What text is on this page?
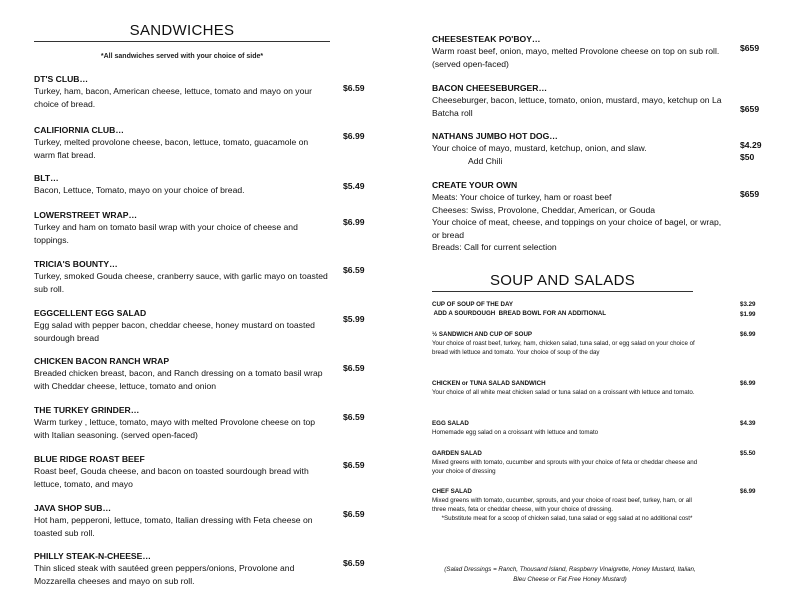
SANDWICHES
*All sandwiches served with your choice of side*
DT'S CLUB…
Turkey, ham, bacon, American cheese, lettuce, tomato and mayo on your choice of bread.
$6.59
CALIFIORNIA CLUB…
Turkey, melted provolone cheese, bacon, lettuce, tomato, guacamole on warm flat bread.
$6.99
BLT…
Bacon, Lettuce, Tomato, mayo on your choice of bread.	$5.49
LOWERSTREET WRAP…
Turkey and ham on tomato basil wrap with your choice of cheese and toppings.
$6.99
TRICIA'S BOUNTY…
Turkey, smoked Gouda cheese, cranberry sauce, with garlic mayo on toasted sub roll.
$6.59
EGGCELLENT EGG SALAD
Egg salad with pepper bacon, cheddar cheese, honey mustard on toasted sourdough bread
$5.99
CHICKEN BACON RANCH WRAP
Breaded chicken breast, bacon, and Ranch dressing on a tomato basil wrap with Cheddar cheese, lettuce, tomato and onion
$6.59
THE TURKEY GRINDER…
Warm turkey , lettuce, tomato, mayo with melted Provolone cheese on top with Italian seasoning. (served open-faced)
$6.59
BLUE RIDGE ROAST BEEF
Roast beef, Gouda cheese, and bacon on toasted sourdough bread with lettuce, tomato, and mayo
$6.59
JAVA SHOP SUB…
Hot ham, pepperoni, lettuce, tomato, Italian dressing with Feta cheese on toasted sub roll.
$6.59
PHILLY STEAK-N-CHEESE…
Thin sliced steak with sautéed green peppers/onions, Provolone and Mozzarella cheeses and mayo on sub roll.
$6.59
CHEESESTEAK PO'BOY…
Warm roast beef, onion, mayo, melted Provolone cheese on top on sub roll. (served open-faced)
$659
BACON CHEESEBURGER…
Cheeseburger, bacon, lettuce, tomato, onion, mustard, mayo, ketchup on La Batcha roll	$659
NATHANS JUMBO HOT DOG…
Your choice of mayo, mustard, ketchup, onion, and slaw.
Add Chili
$4.29
$50
CREATE YOUR OWN
Meats: Your choice of turkey, ham or roast beef
Cheeses: Swiss, Provolone, Cheddar, American, or Gouda
Your choice of meat, cheese, and toppings on your choice of bagel, or wrap, or bread
Breads: Call for current selection
$659
SOUP AND SALADS
CUP OF SOUP OF THE DAY
ADD A SOURDOUGH  BREAD BOWL FOR AN ADDITIONAL
$3.29
$1.99
½ SANDWICH AND CUP OF SOUP
Your choice of roast beef, turkey, ham, chicken salad, tuna salad, or egg salad on your choice of bread with lettuce and tomato. Your choice of soup of the day
$6.99
CHICKEN or TUNA SALAD SANDWICH
Your choice of all white meat chicken salad or tuna salad on a croissant with lettuce and tomato.
$6.99
EGG SALAD
Homemade egg salad on a croissant with lettuce and tomato
$4.39
GARDEN SALAD
Mixed greens with tomato, cucumber and sprouts with your choice of feta or cheddar cheese and your choice of dressing
$5.50
CHEF SALAD
Mixed greens with tomato, cucumber, sprouts, and your choice of roast beef, turkey, ham, or all three meats, feta or cheddar cheese, with your choice of dressing.
*Substitute meat for a scoop of chicken salad, tuna salad or egg salad at no additional cost*
$6.99
(Salad Dressings = Ranch, Thousand Island, Raspberry Vinaigrette, Honey Mustard, Italian, Bleu Cheese or Fat Free Honey Mustard)
